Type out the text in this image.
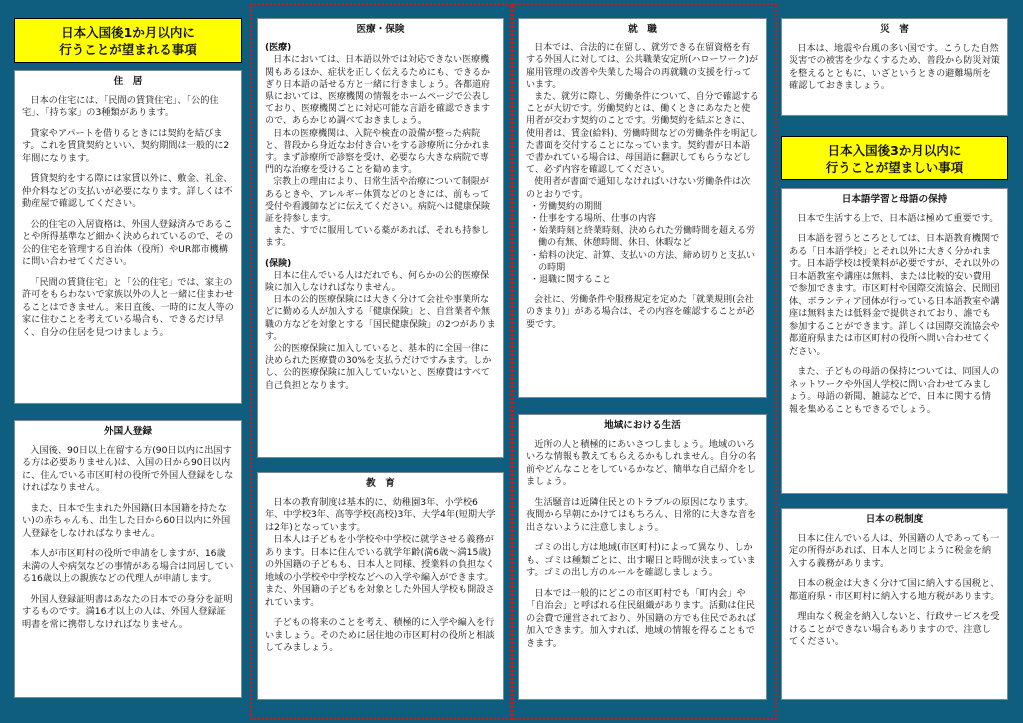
日本入国後1か月以内に
行うことが望まれる事項
住　居

日本の住宅には、「民間の賃貸住宅」、「公的住宅」、「持ち家」の3種類があります。

貸家やアパートを借りるときには契約を結びます。これを賃貸契約といい、契約期間は一般的に2年間になります。

賃貸契約をする際には家賃以外に、敷金、礼金、仲介料などの支払いが必要になります。詳しくは不動産屋で確認してください。

公的住宅の入居資格は、外国人登録済みであることや所得基準など細かく決められているので、その公的住宅を管理する自治体（役所）やUR都市機構に問い合わせてください。

「民間の賃貸住宅」と「公的住宅」では、家主の許可をもらわないで家族以外の人と一緒に住まわせることはできません。来日直後、一時的に友人等の家に住むことを考えている場合も、できるだけ早く、自分の住居を見つけましょう。

外国人登録

入国後、90日以上在留する方(90日以内に出国する方は必要ありません)は、入国の日から90日以内に、住んでいる市区町村の役所で外国人登録をしなければなりません。

また、日本で生まれた外国籍(日本国籍を持たない)の赤ちゃんも、出生した日から60日以内に外国人登録をしなければなりません。

本人が市区町村の役所で申請をしますが、16歳未満の人や病気などの事情がある場合は同居している16歳以上の親族などの代理人が申請します。

外国人登録証明書はあなたの日本での身分を証明するものです。満16才以上の人は、外国人登録証明書を常に携帯しなければなりません。

医療・保険

(医療)

日本においては、日本語以外では対応できない医療機関もあるほか、症状を正しく伝えるためにも、できるかぎり日本語の話せる方と一緒に行きましょう。各都道府県においては、医療機関の情報をホームページで公表しており、医療機関ごとに対応可能な言語を確認できますので、あらかじめ調べておきましょう。

日本の医療機関は、入院や検査の設備が整った病院と、普段から身近なお付き合いをする診療所に分かれます。まず診療所で診察を受け、必要なら大きな病院で専門的な治療を受けることを勧めます。

宗教上の理由により、日常生活や治療について制限があるときや、アレルギー体質などのときには、前もって受付や看護師などに伝えてください。病院へは健康保険証を持参します。

また、すでに服用している薬があれば、それも持参します。

(保険)

日本に住んでいる人はだれでも、何らかの公的医療保険に加入しなければなりません。

日本の公的医療保険には大きく分けて会社や事業所などに勤める人が加入する「健康保険」と、自営業者や無職の方などを対象とする「国民健康保険」の2つがあります。

公的医療保険に加入していると、基本的に全国一律に決められた医療費の30%を支払うだけですみます。しかし、公的医療保険に加入していないと、医療費はすべて自己負担となります。

教　育

日本の教育制度は基本的に、幼稚園3年、小学校6年、中学校3年、高等学校(高校)3年、大学4年(短期大学は2年)となっています。

日本人は子どもを小学校や中学校に就学させる義務があります。日本に住んでいる就学年齢(満6歳～満15歳)の外国籍の子どもも、日本人と同様、授業料の負担なく地域の小学校や中学校などへの入学や編入ができます。また、外国籍の子どもを対象とした外国人学校も開設されています。

子どもの将来のことを考え、積極的に入学や編入を行いましょう。そのために居住地の市区町村の役所と相談してみましょう。

就　職

日本では、合法的に在留し、就労できる在留資格を有する外国人に対しては、公共職業安定所(ハローワーク)が雇用管理の改善や失業した場合の再就職の支援を行っています。

また、就労に際し、労働条件について、自分で確認することが大切です。労働契約とは、働くときにあなたと使用者が交わす契約のことです。労働契約を結ぶときに、使用者は、賃金(給料)、労働時間などの労働条件を明記した書面を交付することになっています。契約書が日本語で書かれている場合は、母国語に翻訳してもらうなどして、必ず内容を確認してください。

使用者が書面で通知しなければいけない労働条件は次のとおりです。

・労働契約の期間
・仕事をする場所、仕事の内容
・始業時刻と終業時刻、決められた労働時間を超える労働の有無、休憩時間、休日、休暇など
・給料の決定、計算、支払いの方法、締め切りと支払いの時期
・退職に関すること

会社に、労働条件や服務規定を定めた「就業規則(会社のきまり)」がある場合は、その内容を確認することが必要です。

地域における生活

近所の人と積極的にあいさつしましょう。地域のいろいろな情報も教えてもらえるかもしれません。自分の名前やどんなことをしているかなど、簡単な自己紹介をしましょう。

生活騒音は近隣住民とのトラブルの原因になります。夜間から早朝にかけてはもちろん、日常的に大きな音を出さないように注意しましょう。

ゴミの出し方は地域(市区町村)によって異なり、しかも、ゴミは種類ごとに、出す曜日と時間が決まっています。ゴミの出し方のルールを確認しましょう。

日本では一般的にどこの市区町村でも「町内会」や「自治会」と呼ばれる住民組織があります。活動は住民の会費で運営されており、外国籍の方でも住民であれば加入できます。加入すれば、地域の情報を得ることもできます。

災　害

日本は、地震や台風の多い国です。こうした自然災害での被害を少なくするため、普段から防災対策を整えるとともに、いざというときの避難場所を確認しておきましょう。

日本入国後3か月以内に
行うことが望ましい事項
日本語学習と母語の保持

日本で生活する上で、日本語は極めて重要です。

日本語を習うところとしては、日本語教育機関である「日本語学校」とそれ以外に大きく分かれます。日本語学校は授業料が必要ですが、それ以外の日本語教室や講座は無料、または比較的安い費用で参加できます。市区町村や国際交流協会、民間団体、ボランティア団体が行っている日本語教室や講座は無料または低料金で提供されており、誰でも参加することができます。詳しくは国際交流協会や都道府県または市区町村の役所へ問い合わせてください。

また、子どもの母語の保持については、同国人のネットワークや外国人学校に問い合わせてみましょう。母語の新聞、雑誌などで、日本に関する情報を集めることもできるでしょう。

日本の税制度

日本に住んでいる人は、外国籍の人であっても一定の所得があれば、日本人と同じように税金を納入する義務があります。

日本の税金は大きく分けて国に納入する国税と、都道府県・市区町村に納入する地方税があります。

理由なく税金を納入しないと、行政サービスを受けることができない場合もありますので、注意してください。
